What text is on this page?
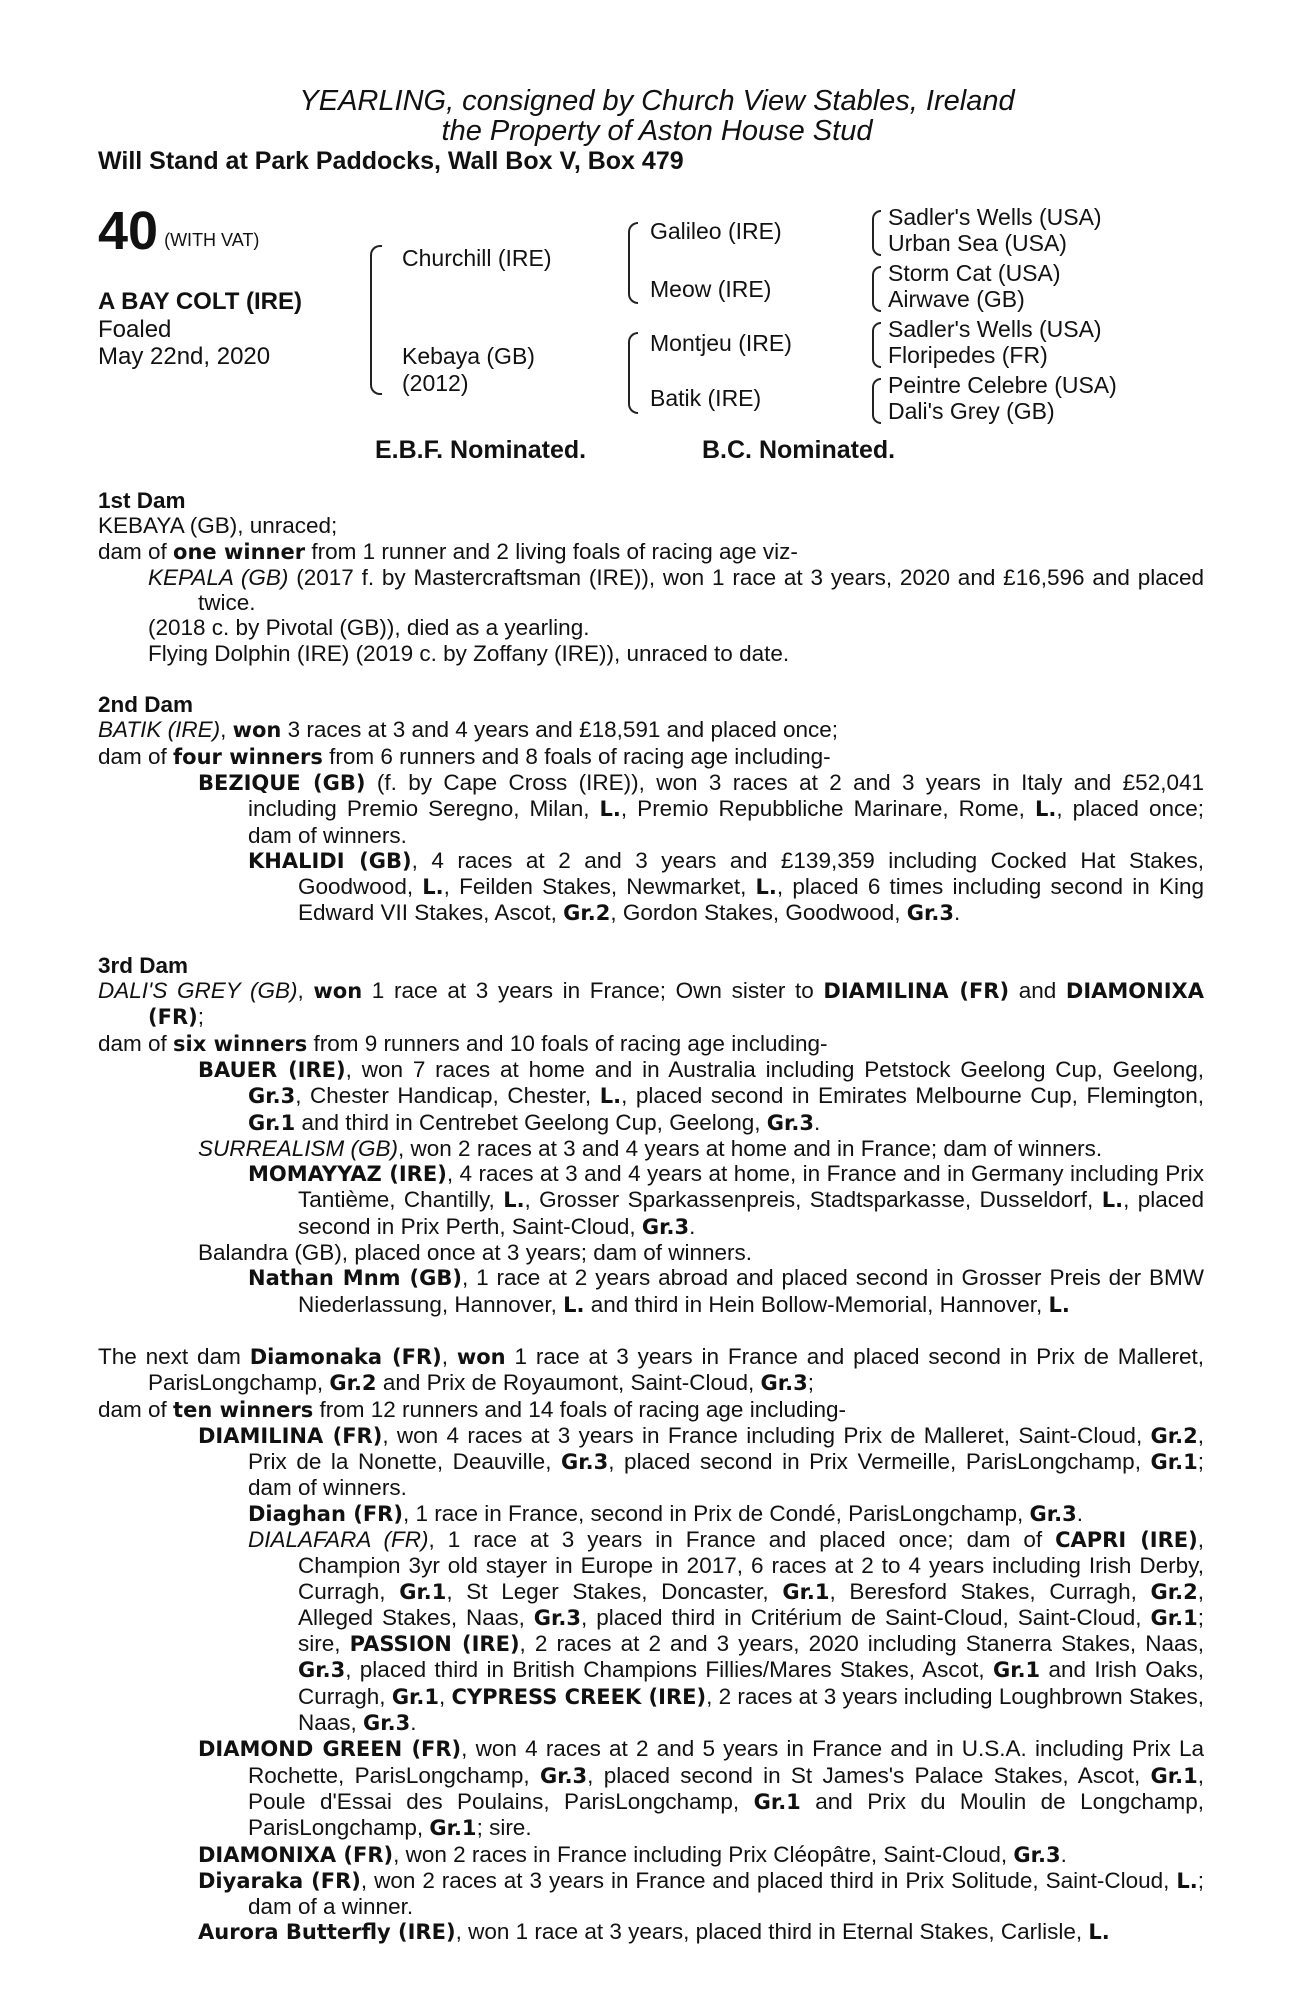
YEARLING, consigned by Church View Stables, Ireland
the Property of Aston House Stud
Will Stand at Park Paddocks, Wall Box V, Box 479
40 (WITH VAT)
A BAY COLT (IRE)
Foaled
May 22nd, 2020
Churchill (IRE)
Kebaya (GB)
(2012)
Galileo (IRE)
Meow (IRE)
Montjeu (IRE)
Batik (IRE)
Sadler's Wells (USA)
Urban Sea (USA)
Storm Cat (USA)
Airwave (GB)
Sadler's Wells (USA)
Floripedes (FR)
Peintre Celebre (USA)
Dali's Grey (GB)
E.B.F. Nominated.	B.C. Nominated.

1st Dam

KEBAYA (GB), unraced;

dam of one winner from 1 runner and 2 living foals of racing age viz-

KEPALA (GB) (2017 f. by Mastercraftsman (IRE)), won 1 race at 3 years, 2020 and £16,596 and placed twice.

(2018 c. by Pivotal (GB)), died as a yearling.

Flying Dolphin (IRE) (2019 c. by Zoffany (IRE)), unraced to date.

2nd Dam

BATIK (IRE), won 3 races at 3 and 4 years and £18,591 and placed once;

dam of four winners from 6 runners and 8 foals of racing age including-

BEZIQUE (GB) (f. by Cape Cross (IRE)), won 3 races at 2 and 3 years in Italy and £52,041 including Premio Seregno, Milan, L., Premio Repubbliche Marinare, Rome, L., placed once; dam of winners.

KHALIDI (GB), 4 races at 2 and 3 years and £139,359 including Cocked Hat Stakes, Goodwood, L., Feilden Stakes, Newmarket, L., placed 6 times including second in King Edward VII Stakes, Ascot, Gr.2, Gordon Stakes, Goodwood, Gr.3.

3rd Dam

DALI'S GREY (GB), won 1 race at 3 years in France; Own sister to DIAMILINA (FR) and DIAMONIXA (FR);

dam of six winners from 9 runners and 10 foals of racing age including-

BAUER (IRE), won 7 races at home and in Australia including Petstock Geelong Cup, Geelong, Gr.3, Chester Handicap, Chester, L., placed second in Emirates Melbourne Cup, Flemington, Gr.1 and third in Centrebet Geelong Cup, Geelong, Gr.3.

SURREALISM (GB), won 2 races at 3 and 4 years at home and in France; dam of winners.

MOMAYYAZ (IRE), 4 races at 3 and 4 years at home, in France and in Germany including Prix Tantième, Chantilly, L., Grosser Sparkassenpreis, Stadtsparkasse, Dusseldorf, L., placed second in Prix Perth, Saint-Cloud, Gr.3.

Balandra (GB), placed once at 3 years; dam of winners.

Nathan Mnm (GB), 1 race at 2 years abroad and placed second in Grosser Preis der BMW Niederlassung, Hannover, L. and third in Hein Bollow-Memorial, Hannover, L.

The next dam Diamonaka (FR), won 1 race at 3 years in France and placed second in Prix de Malleret, ParisLongchamp, Gr.2 and Prix de Royaumont, Saint-Cloud, Gr.3;

dam of ten winners from 12 runners and 14 foals of racing age including-

DIAMILINA (FR), won 4 races at 3 years in France including Prix de Malleret, Saint-Cloud, Gr.2, Prix de la Nonette, Deauville, Gr.3, placed second in Prix Vermeille, ParisLongchamp, Gr.1; dam of winners.

Diaghan (FR), 1 race in France, second in Prix de Condé, ParisLongchamp, Gr.3.

DIALAFARA (FR), 1 race at 3 years in France and placed once; dam of CAPRI (IRE), Champion 3yr old stayer in Europe in 2017, 6 races at 2 to 4 years including Irish Derby, Curragh, Gr.1, St Leger Stakes, Doncaster, Gr.1, Beresford Stakes, Curragh, Gr.2, Alleged Stakes, Naas, Gr.3, placed third in Critérium de Saint-Cloud, Saint-Cloud, Gr.1; sire, PASSION (IRE), 2 races at 2 and 3 years, 2020 including Stanerra Stakes, Naas, Gr.3, placed third in British Champions Fillies/Mares Stakes, Ascot, Gr.1 and Irish Oaks, Curragh, Gr.1, CYPRESS CREEK (IRE), 2 races at 3 years including Loughbrown Stakes, Naas, Gr.3.

DIAMOND GREEN (FR), won 4 races at 2 and 5 years in France and in U.S.A. including Prix La Rochette, ParisLongchamp, Gr.3, placed second in St James's Palace Stakes, Ascot, Gr.1, Poule d'Essai des Poulains, ParisLongchamp, Gr.1 and Prix du Moulin de Longchamp, ParisLongchamp, Gr.1; sire.

DIAMONIXA (FR), won 2 races in France including Prix Cléopâtre, Saint-Cloud, Gr.3.

Diyaraka (FR), won 2 races at 3 years in France and placed third in Prix Solitude, Saint-Cloud, L.; dam of a winner.

Aurora Butterfly (IRE), won 1 race at 3 years, placed third in Eternal Stakes, Carlisle, L.
